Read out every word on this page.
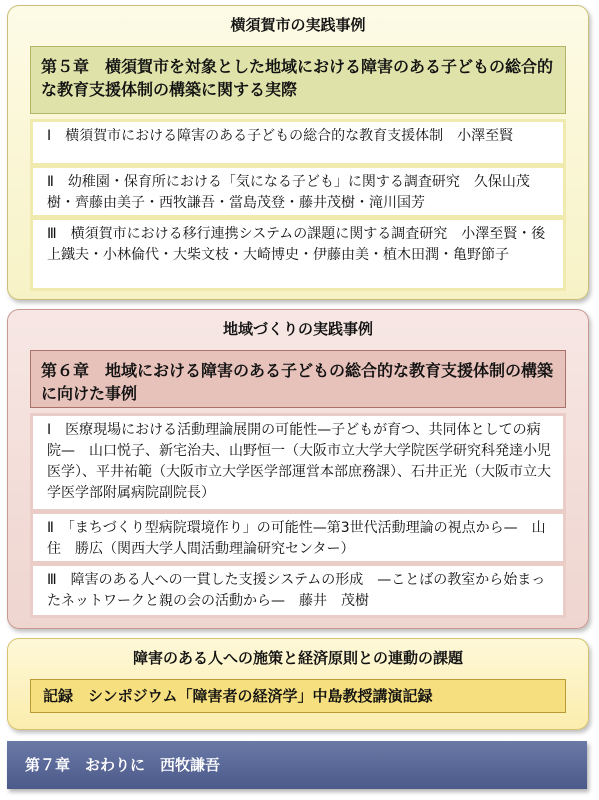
横須賀市の実践事例
第５章　横須賀市を対象とした地域における障害のある子どもの総合的な教育支援体制の構築に関する実際
Ⅰ　横須賀市における障害のある子どもの総合的な教育支援体制　小澤至賢
Ⅱ　幼稚園・保育所における「気になる子ども」に関する調査研究　久保山茂樹・齊藤由美子・西牧謙吾・當島茂登・藤井茂樹・滝川国芳
Ⅲ　横須賀市における移行連携システムの課題に関する調査研究　小澤至賢・後上鐵夫・小林倫代・大柴文枝・大崎博史・伊藤由美・植木田潤・亀野節子
地域づくりの実践事例
第６章　地域における障害のある子どもの総合的な教育支援体制の構築に向けた事例
Ⅰ　医療現場における活動理論展開の可能性—子どもが育つ、共同体としての病院—　山口悦子、新宅治夫、山野恒一（大阪市立大学大学院医学研究科発達小児医学）、平井祐範（大阪市立大学医学部運営本部庶務課）、石井正光（大阪市立大学医学部附属病院副院長）
Ⅱ　「まちづくり型病院環境作り」の可能性—第3世代活動理論の視点から—　山住　勝広（関西大学人間活動理論研究センター）
Ⅲ　障害のある人への一貫した支援システムの形成　—ことばの教室から始まったネットワークと親の会の活動から—　藤井　茂樹
障害のある人への施策と経済原則との連動の課題
記録　シンポジウム「障害者の経済学」中島教授講演記録
第７章　おわりに　西牧謙吾
